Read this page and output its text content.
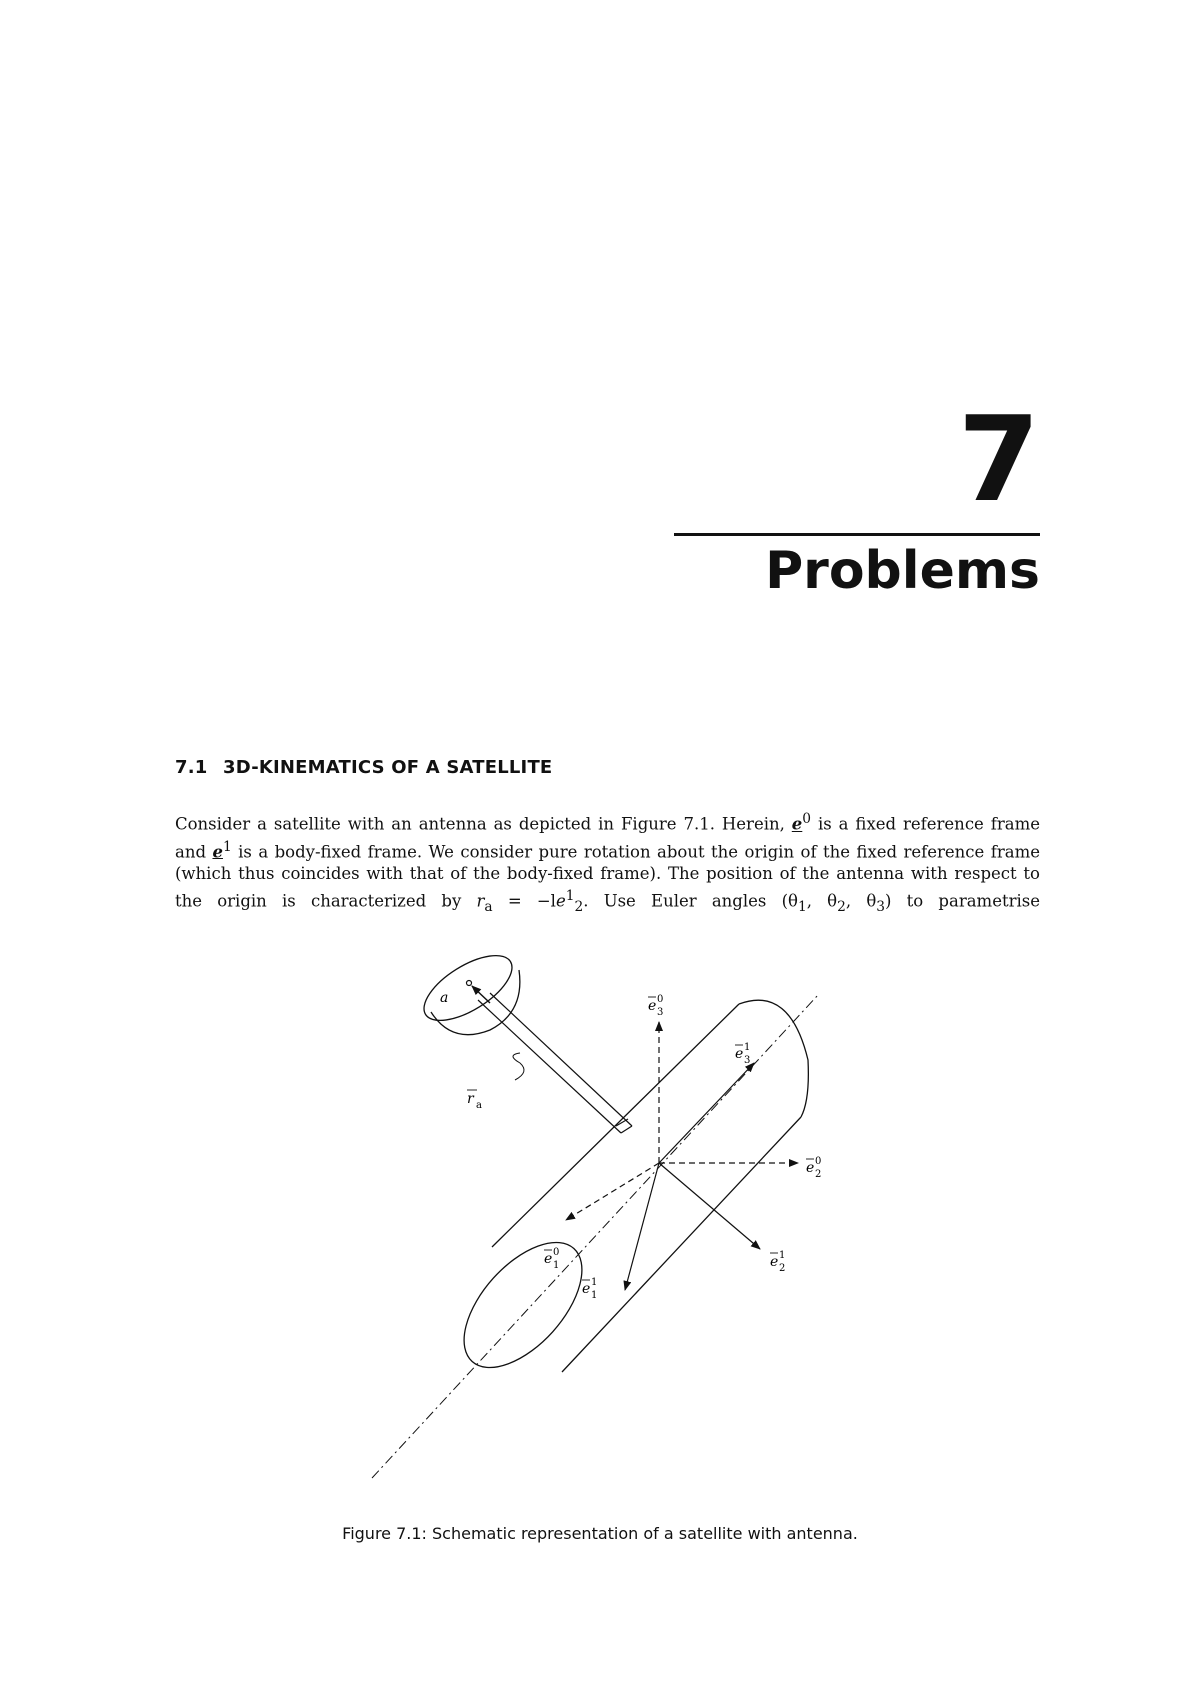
7
Problems
7.1 3D-KINEMATICS OF A SATELLITE

Consider a satellite with an antenna as depicted in Figure 7.1. Herein, $e^0$ is a fixed reference frame and $e^1$ is a body-fixed frame. We consider pure rotation about the origin of the fixed reference frame (which thus coincides with that of the body-fixed frame). The position of the antenna with respect to the origin is characterized by $r_a = -le^1_2$. Use Euler angles ($\theta_1$, $\theta_2$, $\theta_3$) to parametrise

a
r a
e 0
3
e 1
3
e 0
2
e 1
2
e 0
1
e 1
1
Figure 7.1: Schematic representation of a satellite with antenna.
